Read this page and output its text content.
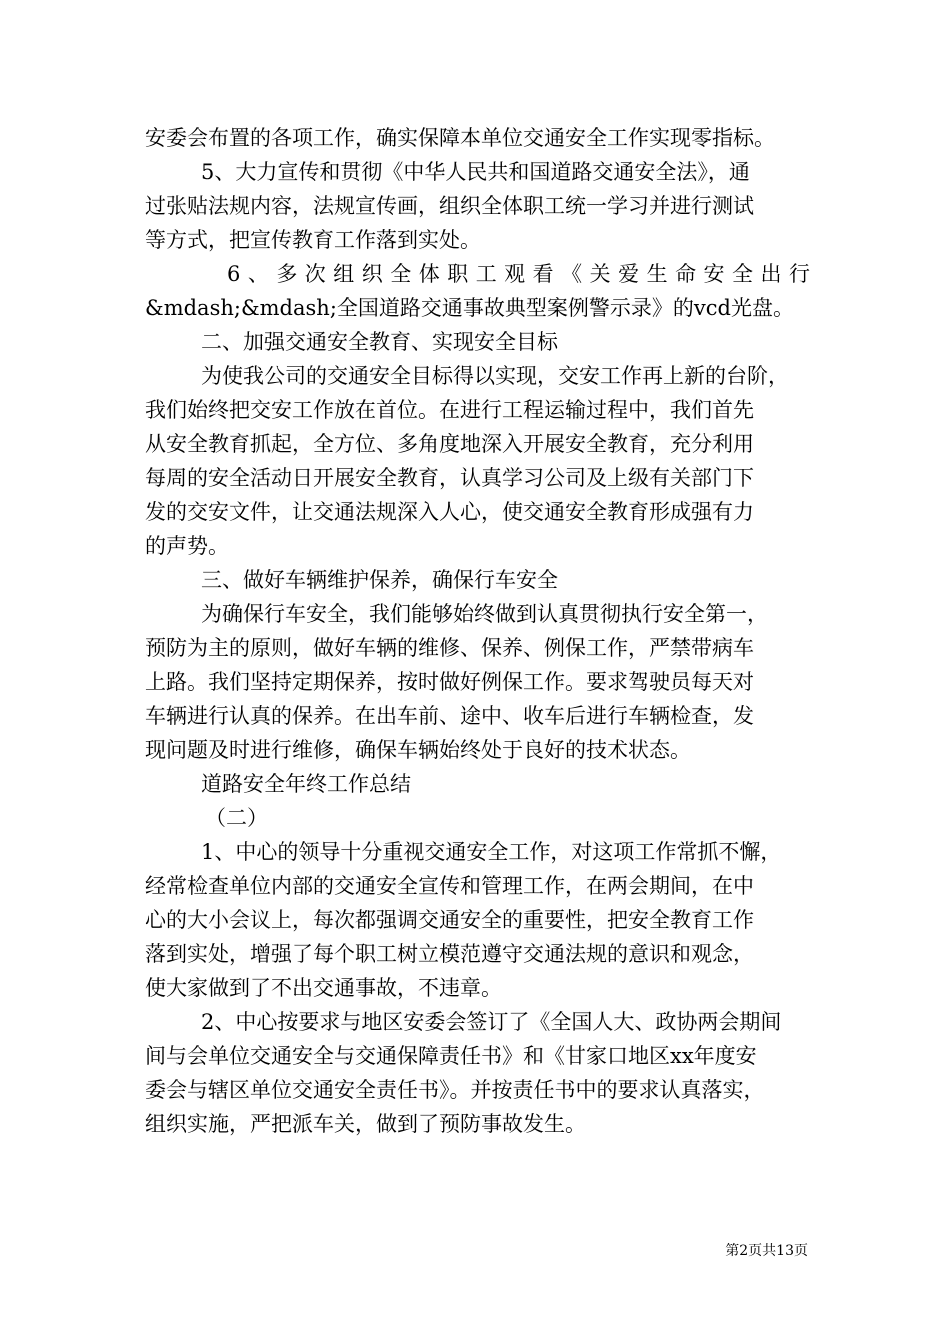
安委会布置的各项工作，确实保障本单位交通安全工作实现零指标。
5、大力宣传和贯彻《中华人民共和国道路交通安全法》，通
过张贴法规内容，法规宣传画，组织全体职工统一学习并进行测试
等方式，把宣传教育工作落到实处。
6、多次组织全体职工观看《关爱生命安全出行
&mdash;&mdash;全国道路交通事故典型案例警示录》的vcd光盘。
二、加强交通安全教育、实现安全目标
为使我公司的交通安全目标得以实现，交安工作再上新的台阶，
我们始终把交安工作放在首位。在进行工程运输过程中，我们首先
从安全教育抓起，全方位、多角度地深入开展安全教育，充分利用
每周的安全活动日开展安全教育，认真学习公司及上级有关部门下
发的交安文件，让交通法规深入人心，使交通安全教育形成强有力
的声势。
三、做好车辆维护保养，确保行车安全
为确保行车安全，我们能够始终做到认真贯彻执行安全第一，
预防为主的原则，做好车辆的维修、保养、例保工作，严禁带病车
上路。我们坚持定期保养，按时做好例保工作。要求驾驶员每天对
车辆进行认真的保养。在出车前、途中、收车后进行车辆检查，发
现问题及时进行维修，确保车辆始终处于良好的技术状态。
道路安全年终工作总结
（二）
1、中心的领导十分重视交通安全工作，对这项工作常抓不懈，
经常检查单位内部的交通安全宣传和管理工作，在两会期间，在中
心的大小会议上，每次都强调交通安全的重要性，把安全教育工作
落到实处，增强了每个职工树立模范遵守交通法规的意识和观念，
使大家做到了不出交通事故，不违章。
2、中心按要求与地区安委会签订了《全国人大、政协两会期间
间与会单位交通安全与交通保障责任书》和《甘家口地区xx年度安
委会与辖区单位交通安全责任书》。并按责任书中的要求认真落实，
组织实施，严把派车关，做到了预防事故发生。
第2页共13页
